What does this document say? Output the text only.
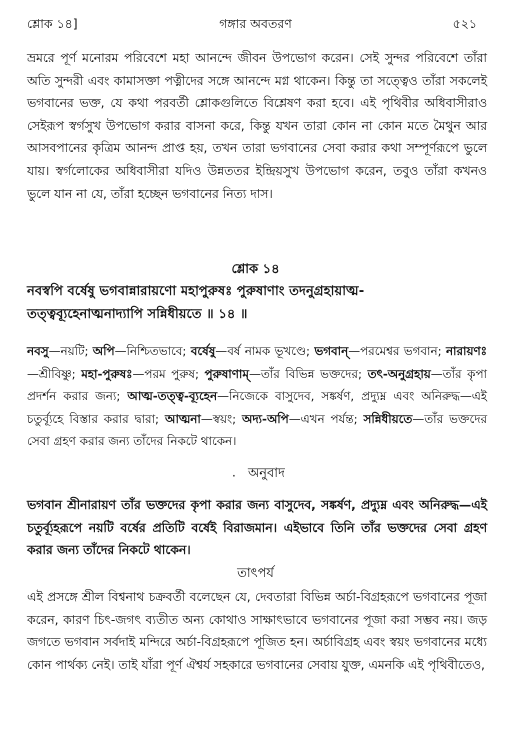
শ্লোক ১৪]	গঙ্গার অবতরণ	৫২১

ভ্রমরে পূর্ণ মনোরম পরিবেশে মহা আনন্দে জীবন উপভোগ করেন। সেই সুন্দর পরিবেশে তাঁরা অতি সুন্দরী এবং কামাসক্তা পত্নীদের সঙ্গে আনন্দে মগ্ন থাকেন। কিন্তু তা সত্ত্বেও তাঁরা সকলেই ভগবানের ভক্ত, যে কথা পরবর্তী শ্লোকগুলিতে বিশ্লেষণ করা হবে। এই পৃথিবীর অধিবাসীরাও সেইরূপ স্বর্গসুখ উপভোগ করার বাসনা করে, কিন্তু যখন তারা কোন না কোন মতে মৈথুন আর আসবপানের কৃত্রিম আনন্দ প্রাপ্ত হয়, তখন তারা ভগবানের সেবা করার কথা সম্পূর্ণরূপে ভুলে যায়। স্বর্গলোকের অধিবাসীরা যদিও উন্নততর ইন্দ্রিয়সুখ উপভোগ করেন, তবুও তাঁরা কখনও ভুলে যান না যে, তাঁরা হচ্ছেন ভগবানের নিত্য দাস।

শ্লোক ১৪

নবস্বপি বর্ষেষু ভগবান্নারায়ণো মহাপুরুষঃ পুরুষাণাং তদনুগ্রহায়াত্ম-
তত্ত্বব্যূহেনাত্মনাদ্যাপি সন্নিধীয়তে ॥ ১৪ ॥

নবসু—নয়টি; অপি—নিশ্চিতভাবে; বর্ষেষু—বর্ষ নামক ভূখণ্ডে; ভগবান্—পরমেশ্বর ভগবান; নারায়ণঃ—শ্রীবিষ্ণু; মহা-পুরুষঃ—পরম পুরুষ; পুরুষাণাম্—তাঁর বিভিন্ন ভক্তদের; তৎ-অনুগ্রহায়—তাঁর কৃপা প্রদর্শন করার জন্য; আত্ম-তত্ত্ব-ব্যূহেন—নিজেকে বাসুদেব, সঙ্কর্ষণ, প্রদ্যুম্ন এবং অনিরুদ্ধ—এই চতুর্ব্যূহে বিস্তার করার দ্বারা; আত্মনা—স্বয়ং; অদ্য-অপি—এখন পর্যন্ত; সন্নিধীয়তে—তাঁর ভক্তদের সেবা গ্রহণ করার জন্য তাঁদের নিকটে থাকেন।

· অনুবাদ

ভগবান শ্রীনারায়ণ তাঁর ভক্তদের কৃপা করার জন্য বাসুদেব, সঙ্কর্ষণ, প্রদ্যুম্ন এবং অনিরুদ্ধ—এই চতুর্ব্যূহরূপে নয়টি বর্ষের প্রতিটি বর্ষেই বিরাজমান। এইভাবে তিনি তাঁর ভক্তদের সেবা গ্রহণ করার জন্য তাঁদের নিকটে থাকেন।

তাৎপর্য

এই প্রসঙ্গে শ্রীল বিশ্বনাথ চক্রবর্তী বলেছেন যে, দেবতারা বিভিন্ন অর্চা-বিগ্রহরূপে ভগবানের পূজা করেন, কারণ চিৎ-জগৎ ব্যতীত অন্য কোথাও সাক্ষাৎভাবে ভগবানের পূজা করা সম্ভব নয়। জড় জগতে ভগবান সর্বদাই মন্দিরে অর্চা-বিগ্রহরূপে পূজিত হন। অর্চাবিগ্রহ এবং স্বয়ং ভগবানের মধ্যে কোন পার্থক্য নেই। তাই যাঁরা পূর্ণ ঐশ্বর্য সহকারে ভগবানের সেবায় যুক্ত, এমনকি এই পৃথিবীতেও,
